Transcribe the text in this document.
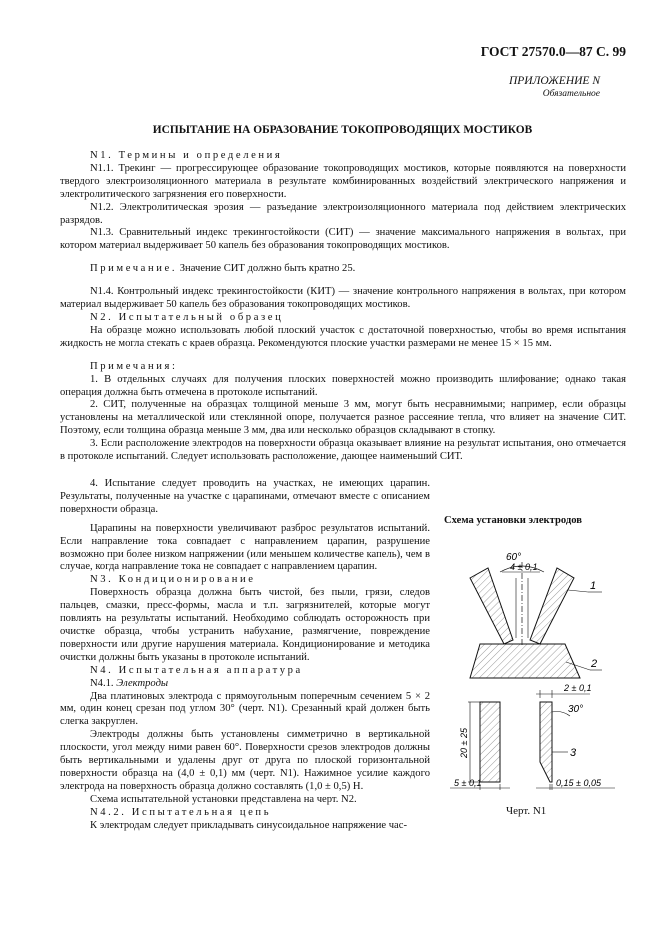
ГОСТ 27570.0—87 С. 99
ПРИЛОЖЕНИЕ N
Обязательное
ИСПЫТАНИЕ НА ОБРАЗОВАНИЕ ТОКОПРОВОДЯЩИХ МОСТИКОВ

N1. Термины и определения

N1.1. Трекинг — прогрессирующее образование токопроводящих мостиков, которые появляются на поверхности твердого электроизоляционного материала в результате комбинированных воздействий электрического напряжения и электролитического загрязнения его поверхности.

N1.2. Электролитическая эрозия — разъедание электроизоляционного материала под действием электрических разрядов.

N1.3. Сравнительный индекс трекингостойкости (СИТ) — значение максимального напряжения в вольтах, при котором материал выдерживает 50 капель без образования токопроводящих мостиков.

Примечание. Значение СИТ должно быть кратно 25.

N1.4. Контрольный индекс трекингостойкости (КИТ) — значение контрольного напряжения в вольтах, при котором материал выдерживает 50 капель без образования токопроводящих мостиков.

N2. Испытательный образец

На образце можно использовать любой плоский участок с достаточной поверхностью, чтобы во время испытания жидкость не могла стекать с краев образца. Рекомендуются плоские участки размерами не менее 15 × 15 мм.

Примечания:

1. В отдельных случаях для получения плоских поверхностей можно производить шлифование; однако такая операция должна быть отмечена в протоколе испытаний.

2. СИТ, полученные на образцах толщиной меньше 3 мм, могут быть несравнимыми; например, если образцы установлены на металлической или стеклянной опоре, получается разное рассеяние тепла, что влияет на значение СИТ. Поэтому, если толщина образца меньше 3 мм, два или несколько образцов складывают в стопку.

3. Если расположение электродов на поверхности образца оказывает влияние на результат испытания, оно отмечается в протоколе испытаний. Следует использовать расположение, дающее наименьший СИТ.

4. Испытание следует проводить на участках, не имеющих царапин. Результаты, полученные на участке с царапинами, отмечают вместе с описанием поверхности образца.

Царапины на поверхности увеличивают разброс результатов испытаний. Если направление тока совпадает с направлением царапин, разрушение возможно при более низком напряжении (или меньшем количестве капель), чем в случае, когда направление тока не совпадает с направлением царапин.

N3. Кондиционирование

Поверхность образца должна быть чистой, без пыли, грязи, следов пальцев, смазки, пресс-формы, масла и т.п. загрязнителей, которые могут повлиять на результаты испытаний. Необходимо соблюдать осторожность при очистке образца, чтобы устранить набухание, размягчение, повреждение поверхности или другие нарушения материала. Кондиционирование и методика очистки должны быть указаны в протоколе испытаний.

N4. Испытательная аппаратура

N4.1. Электроды

Два платиновых электрода с прямоугольным поперечным сечением 5 × 2 мм, один конец срезан под углом 30° (черт. N1). Срезанный край должен быть слегка закруглен.

Электроды должны быть установлены симметрично в вертикальной плоскости, угол между ними равен 60°. Поверхности срезов электродов должны быть вертикальными и удалены друг от друга по плоской горизонтальной поверхности образца на (4,0 ± 0,1) мм (черт. N1). Нажимное усилие каждого электрода на поверхность образца должно составлять (1,0 ± 0,5) Н.

Схема испытательной установки представлена на черт. N2.

N4.2. Испытательная цепь

К электродам следует прикладывать синусоидальное напряжение час-

Схема установки электродов
60°
4 ± 0,1
1
2
20 ± 25
5 ± 0,1
2 ± 0,1
30°
3
0,15 ± 0,05
Черт. N1
